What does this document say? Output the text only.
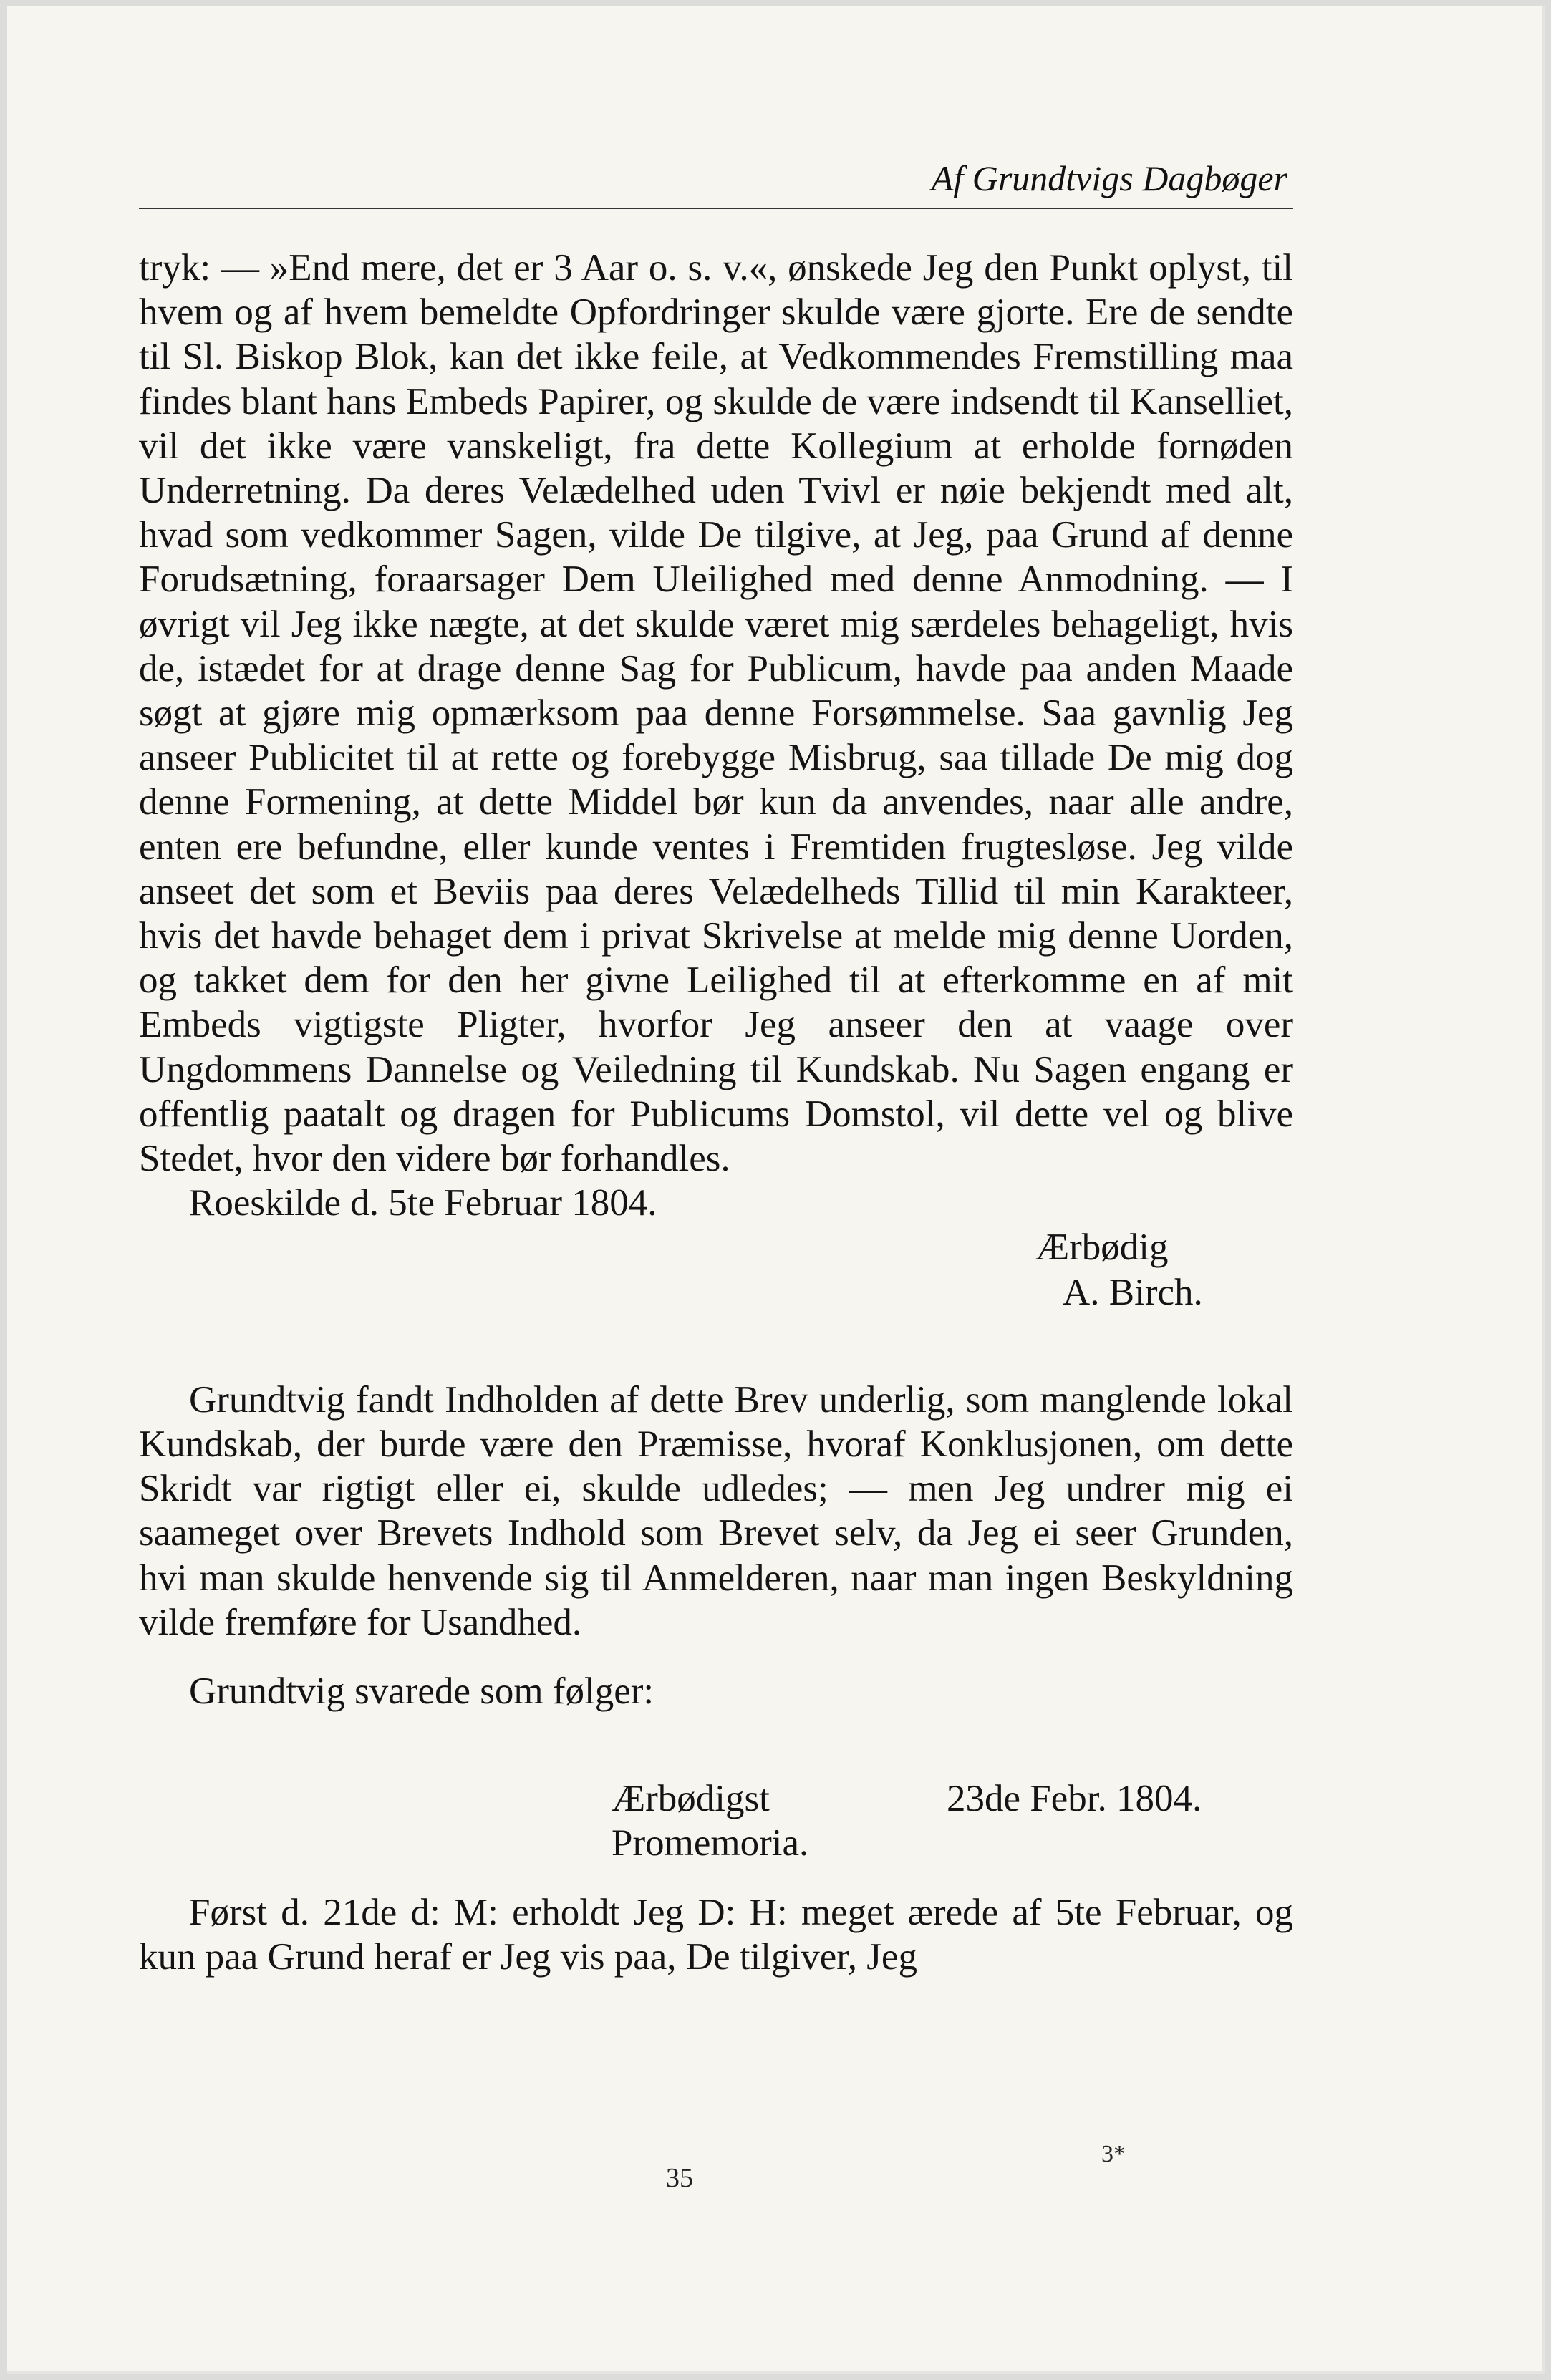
Af Grundtvigs Dagbøger

tryk: — »End mere, det er 3 Aar o. s. v.«, ønskede Jeg den Punkt oplyst, til hvem og af hvem bemeldte Opfordringer skulde være gjorte. Ere de sendte til Sl. Biskop Blok, kan det ikke feile, at Vedkommendes Fremstilling maa findes blant hans Embeds Papirer, og skulde de være indsendt til Kanselliet, vil det ikke være vanskeligt, fra dette Kollegium at erholde fornøden Underretning. Da deres Velædelhed uden Tvivl er nøie bekjendt med alt, hvad som vedkommer Sagen, vilde De tilgive, at Jeg, paa Grund af denne Forudsætning, foraarsager Dem Uleilighed med denne Anmodning. — I øvrigt vil Jeg ikke nægte, at det skulde været mig særdeles behageligt, hvis de, istædet for at drage denne Sag for Publicum, havde paa anden Maade søgt at gjøre mig opmærksom paa denne Forsømmelse. Saa gavnlig Jeg anseer Publicitet til at rette og forebygge Misbrug, saa tillade De mig dog denne Formening, at dette Middel bør kun da anvendes, naar alle andre, enten ere befundne, eller kunde ventes i Fremtiden frugtesløse. Jeg vilde anseet det som et Beviis paa deres Velædelheds Tillid til min Karakteer, hvis det havde behaget dem i privat Skrivelse at melde mig denne Uorden, og takket dem for den her givne Leilighed til at efterkomme en af mit Embeds vigtigste Pligter, hvorfor Jeg anseer den at vaage over Ungdommens Dannelse og Veiledning til Kundskab. Nu Sagen engang er offentlig paatalt og dragen for Publicums Domstol, vil dette vel og blive Stedet, hvor den videre bør forhandles.

Roeskilde d. 5te Februar 1804.

Ærbødig

A. Birch.

Grundtvig fandt Indholden af dette Brev underlig, som manglende lokal Kundskab, der burde være den Præmisse, hvoraf Konklusjonen, om dette Skridt var rigtigt eller ei, skulde udledes; — men Jeg undrer mig ei saameget over Brevets Indhold som Brevet selv, da Jeg ei seer Grunden, hvi man skulde henvende sig til Anmelderen, naar man ingen Beskyldning vilde fremføre for Usandhed.

Grundtvig svarede som følger:

Ærbødigst	23de Febr. 1804.

Promemoria.

Først d. 21de d: M: erholdt Jeg D: H: meget ærede af 5te Februar, og kun paa Grund heraf er Jeg vis paa, De tilgiver, Jeg

35
3*
